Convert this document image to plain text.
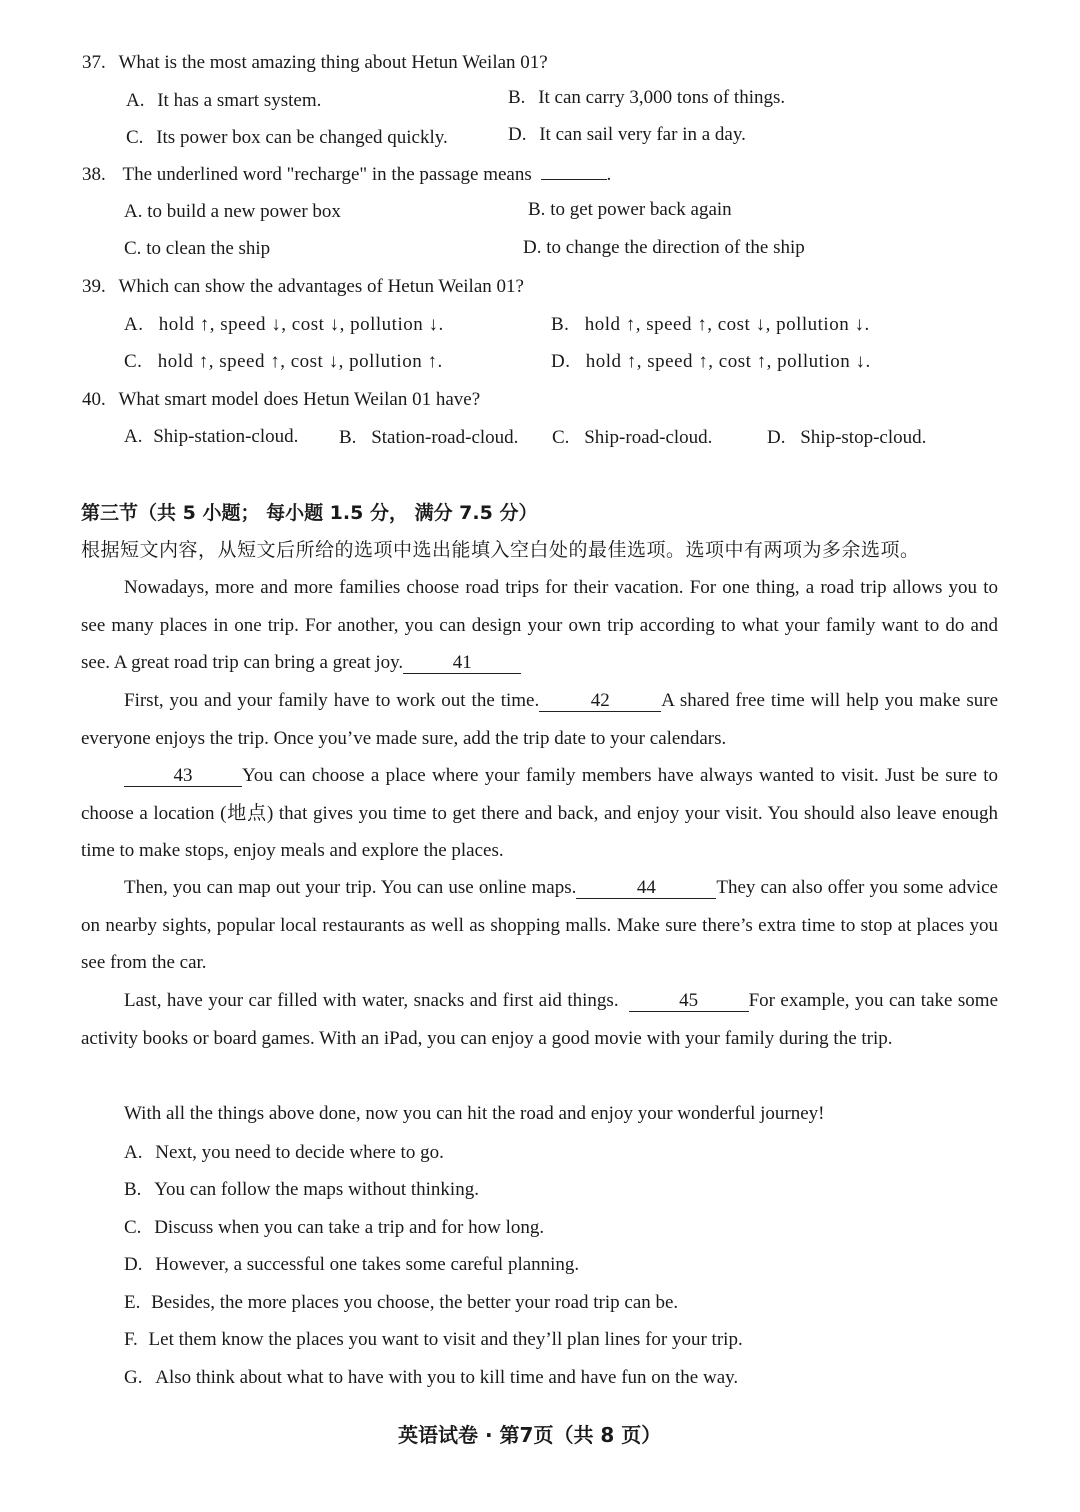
37. What is the most amazing thing about Hetun Weilan 01?
A. It has a smart system.	B. It can carry 3,000 tons of things.
C. Its power box can be changed quickly.	D. It can sail very far in a day.
38. The underlined word "recharge" in the passage means	.
A. to build a new power box	B. to get power back again
C. to clean the ship	D. to change the direction of the ship
39. Which can show the advantages of Hetun Weilan 01?
A. hold ↑, speed ↓, cost ↓, pollution ↓.	B. hold ↑, speed ↑, cost ↓, pollution ↓.
C. hold ↑, speed ↑, cost ↓, pollution ↑.	D. hold ↑, speed ↑, cost ↑, pollution ↓.
40. What smart model does Hetun Weilan 01 have?
A. Ship-station-cloud. B. Station-road-cloud. C. Ship-road-cloud.	D. Ship-stop-cloud.
第三节（共 5 小题； 每小题 1.5 分， 满分 7.5 分）
根据短文内容，从短文后所给的选项中选出能填入空白处的最佳选项。选项中有两项为多余选项。
Nowadays, more and more families choose road trips for their vacation. For one thing, a road trip allows you to see many places in one trip. For another, you can design your own trip according to what your family want to do and see. A great road trip can bring a great joy.	41
First, you and your family have to work out the time.	42	A shared free time will help you make sure everyone enjoys the trip. Once you’ve made sure, add the trip date to your calendars.
43	You can choose a place where your family members have always wanted to visit. Just be sure to choose a location (地点) that gives you time to get there and back, and enjoy your visit. You should also leave enough time to make stops, enjoy meals and explore the places.
Then, you can map out your trip. You can use online maps.	44	They can also offer you some advice on nearby sights, popular local restaurants as well as shopping malls. Make sure there’s extra time to stop at places you see from the car.
Last, have your car filled with water, snacks and first aid things.	45	For example, you can take some activity books or board games. With an iPad, you can enjoy a good movie with your family during the trip.
With all the things above done, now you can hit the road and enjoy your wonderful journey!
A. Next, you need to decide where to go.
B. You can follow the maps without thinking.
C. Discuss when you can take a trip and for how long.
D. However, a successful one takes some careful planning.
E. Besides, the more places you choose, the better your road trip can be.
F. Let them know the places you want to visit and they’ll plan lines for your trip.
G. Also think about what to have with you to kill time and have fun on the way.
英语试卷 · 第7页（共 8 页）
